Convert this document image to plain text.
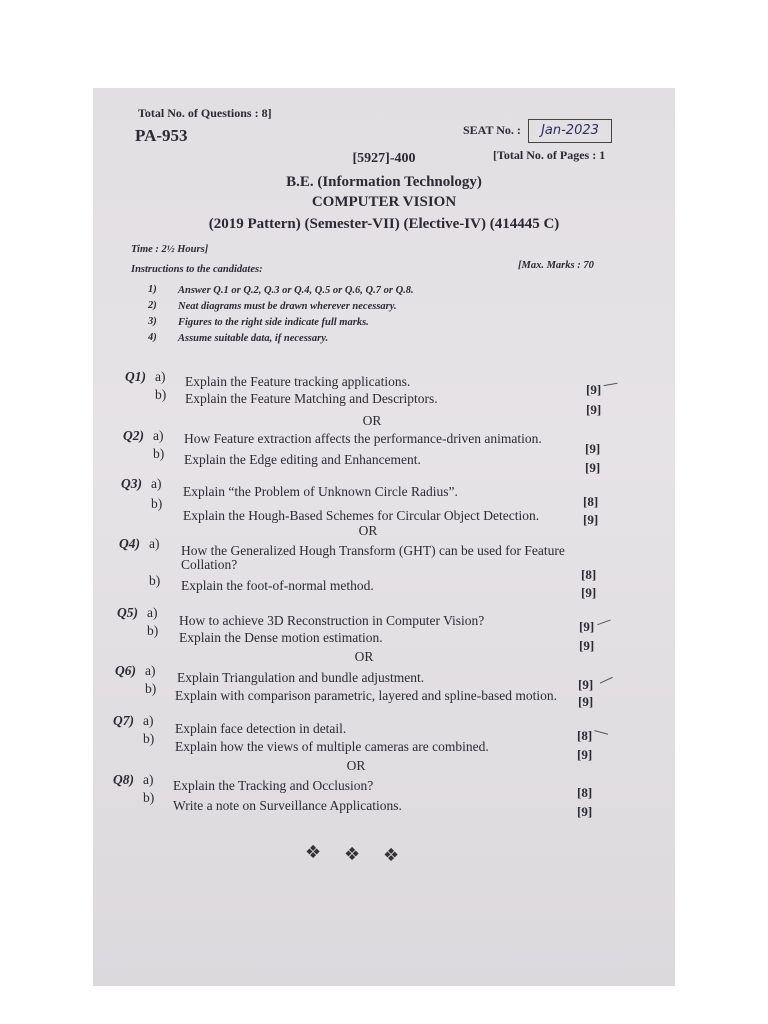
Total No. of Questions : 8]
PA-953	SEAT No. :	Jan-2023
[Total No. of Pages : 1
[5927]-400
B.E. (Information Technology)
COMPUTER VISION
(2019 Pattern) (Semester-VII) (Elective-IV) (414445 C)
Time : 2½ Hours]
Instructions to the candidates:	[Max. Marks : 70
1) Answer Q.1 or Q.2, Q.3 or Q.4, Q.5 or Q.6, Q.7 or Q.8.
2) Neat diagrams must be drawn wherever necessary.
3) Figures to the right side indicate full marks.
4) Assume suitable data, if necessary.
Q1) a) Explain the Feature tracking applications.
[9]
b) Explain the Feature Matching and Descriptors.
[9]
OR
Q2) a) How Feature extraction affects the performance-driven animation.
[9]
b) Explain the Edge editing and Enhancement.
[9]
Q3) a)
Explain “the Problem of Unknown Circle Radius”.
[8]
b)
Explain the Hough-Based Schemes for Circular Object Detection.	[9]
OR
Q4) a) How the Generalized Hough Transform (GHT) can be used for Feature
Collation?
[8]
b) Explain the foot-of-normal method.	[9]
Q5) a)
How to achieve 3D Reconstruction in Computer Vision?	[9]
b) Explain the Dense motion estimation.
[9]
OR
Q6) a) Explain Triangulation and bundle adjustment.	[9]
b) Explain with comparison parametric, layered and spline-based motion. [9]
Q7) a)
Explain face detection in detail.	[8]
b)
Explain how the views of multiple cameras are combined.
[9]
OR
Q8) a) Explain the Tracking and Occlusion?	[8]
b)
Write a note on Surveillance Applications.	[9]
❖ ❖ ❖
